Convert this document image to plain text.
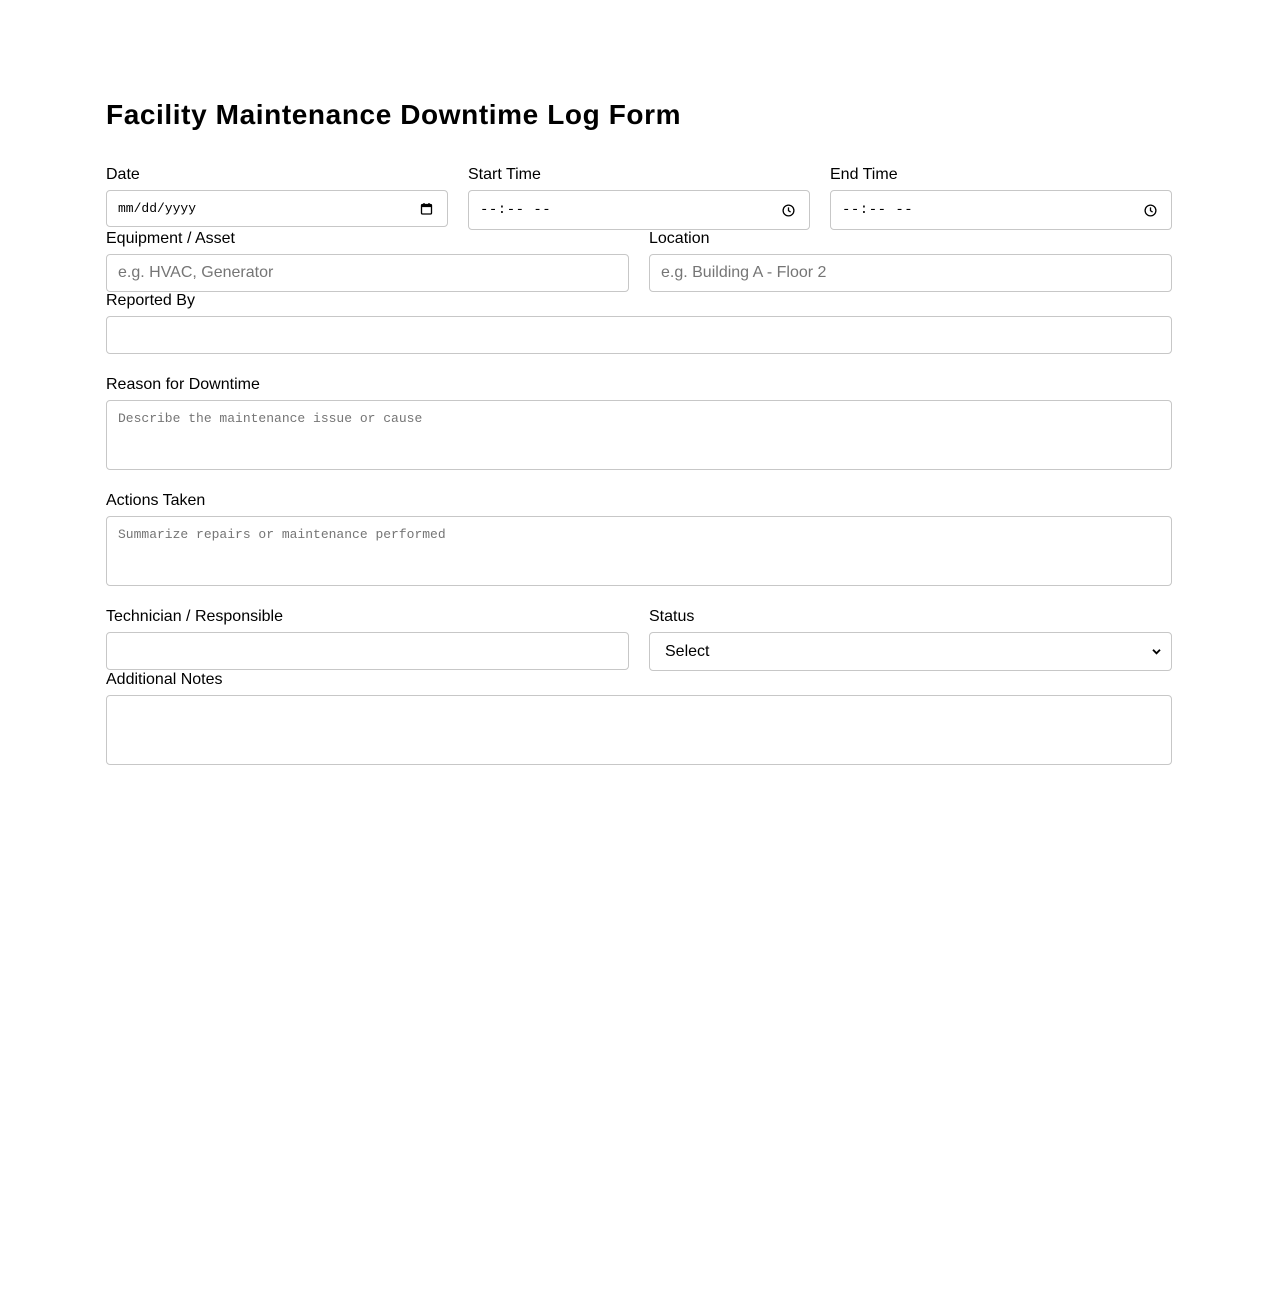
Facility Maintenance Downtime Log Form
Date
mm/dd/yyyy
Start Time
--:-- --
End Time
--:-- --
Equipment / Asset
e.g. HVAC, Generator
Location
e.g. Building A - Floor 2
Reported By
Reason for Downtime
Describe the maintenance issue or cause
Actions Taken
Summarize repairs or maintenance performed
Technician / Responsible	Status
Select
Additional Notes
